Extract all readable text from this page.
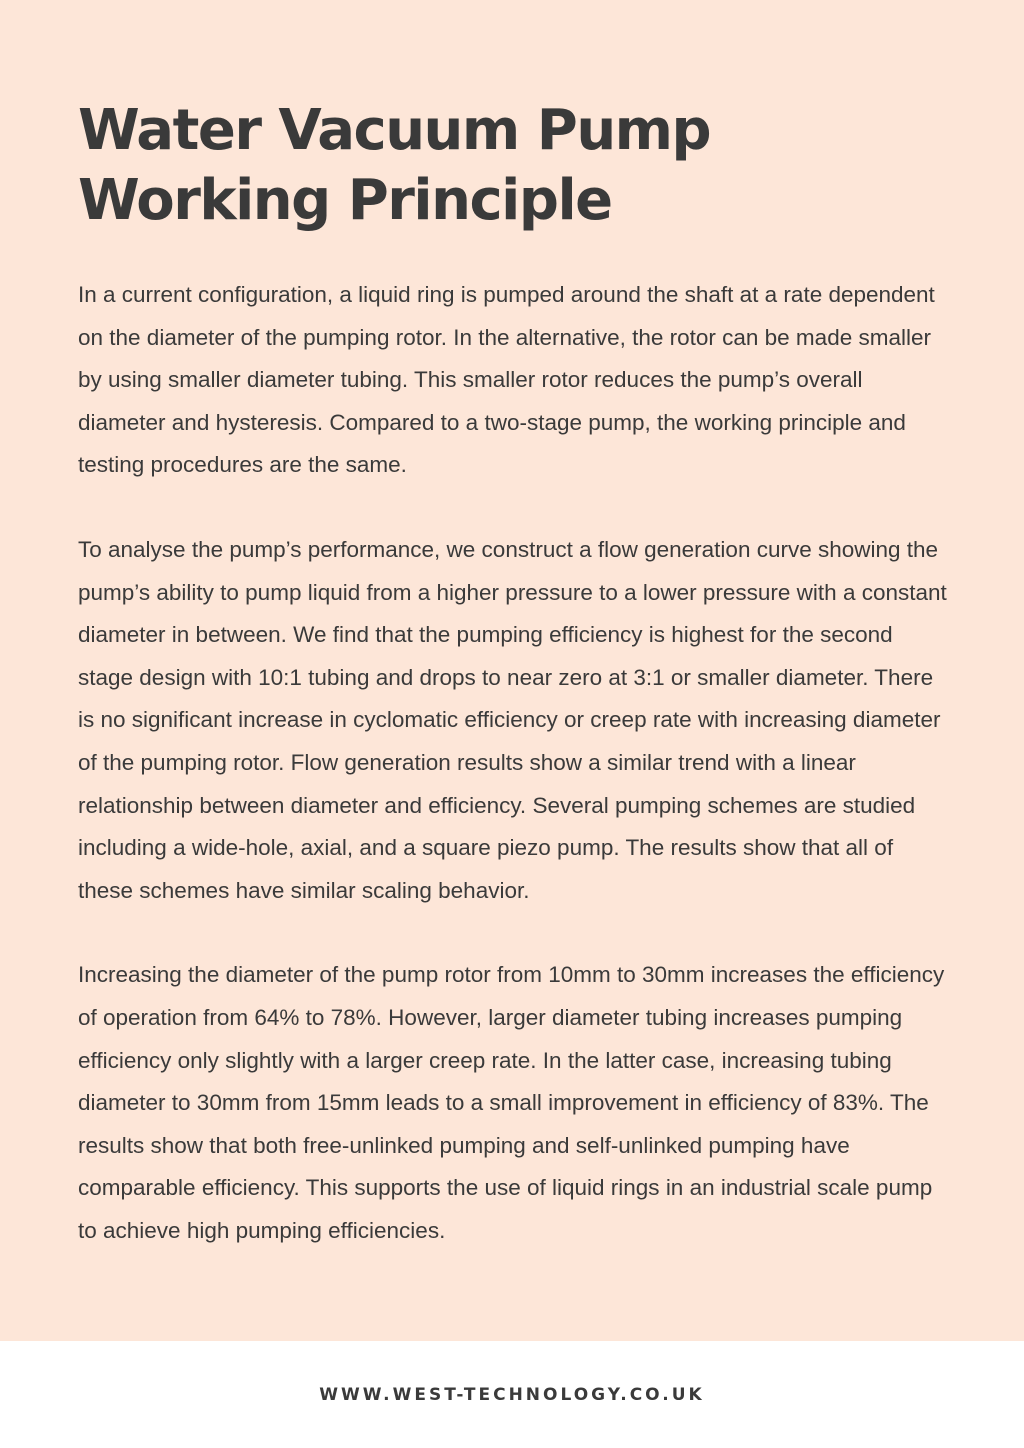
Water Vacuum Pump Working Principle

In a current configuration, a liquid ring is pumped around the shaft at a rate dependent on the diameter of the pumping rotor. In the alternative, the rotor can be made smaller by using smaller diameter tubing. This smaller rotor reduces the pump’s overall diameter and hysteresis. Compared to a two-stage pump, the working principle and testing procedures are the same.

To analyse the pump’s performance, we construct a flow generation curve showing the pump’s ability to pump liquid from a higher pressure to a lower pressure with a constant diameter in between. We find that the pumping efficiency is highest for the second stage design with 10:1 tubing and drops to near zero at 3:1 or smaller diameter. There is no significant increase in cyclomatic efficiency or creep rate with increasing diameter of the pumping rotor. Flow generation results show a similar trend with a linear relationship between diameter and efficiency. Several pumping schemes are studied including a wide-hole, axial, and a square piezo pump. The results show that all of these schemes have similar scaling behavior.

Increasing the diameter of the pump rotor from 10mm to 30mm increases the efficiency of operation from 64% to 78%. However, larger diameter tubing increases pumping efficiency only slightly with a larger creep rate. In the latter case, increasing tubing diameter to 30mm from 15mm leads to a small improvement in efficiency of 83%. The results show that both free-unlinked pumping and self-unlinked pumping have comparable efficiency. This supports the use of liquid rings in an industrial scale pump to achieve high pumping efficiencies.

WWW.WEST-TECHNOLOGY.CO.UK
